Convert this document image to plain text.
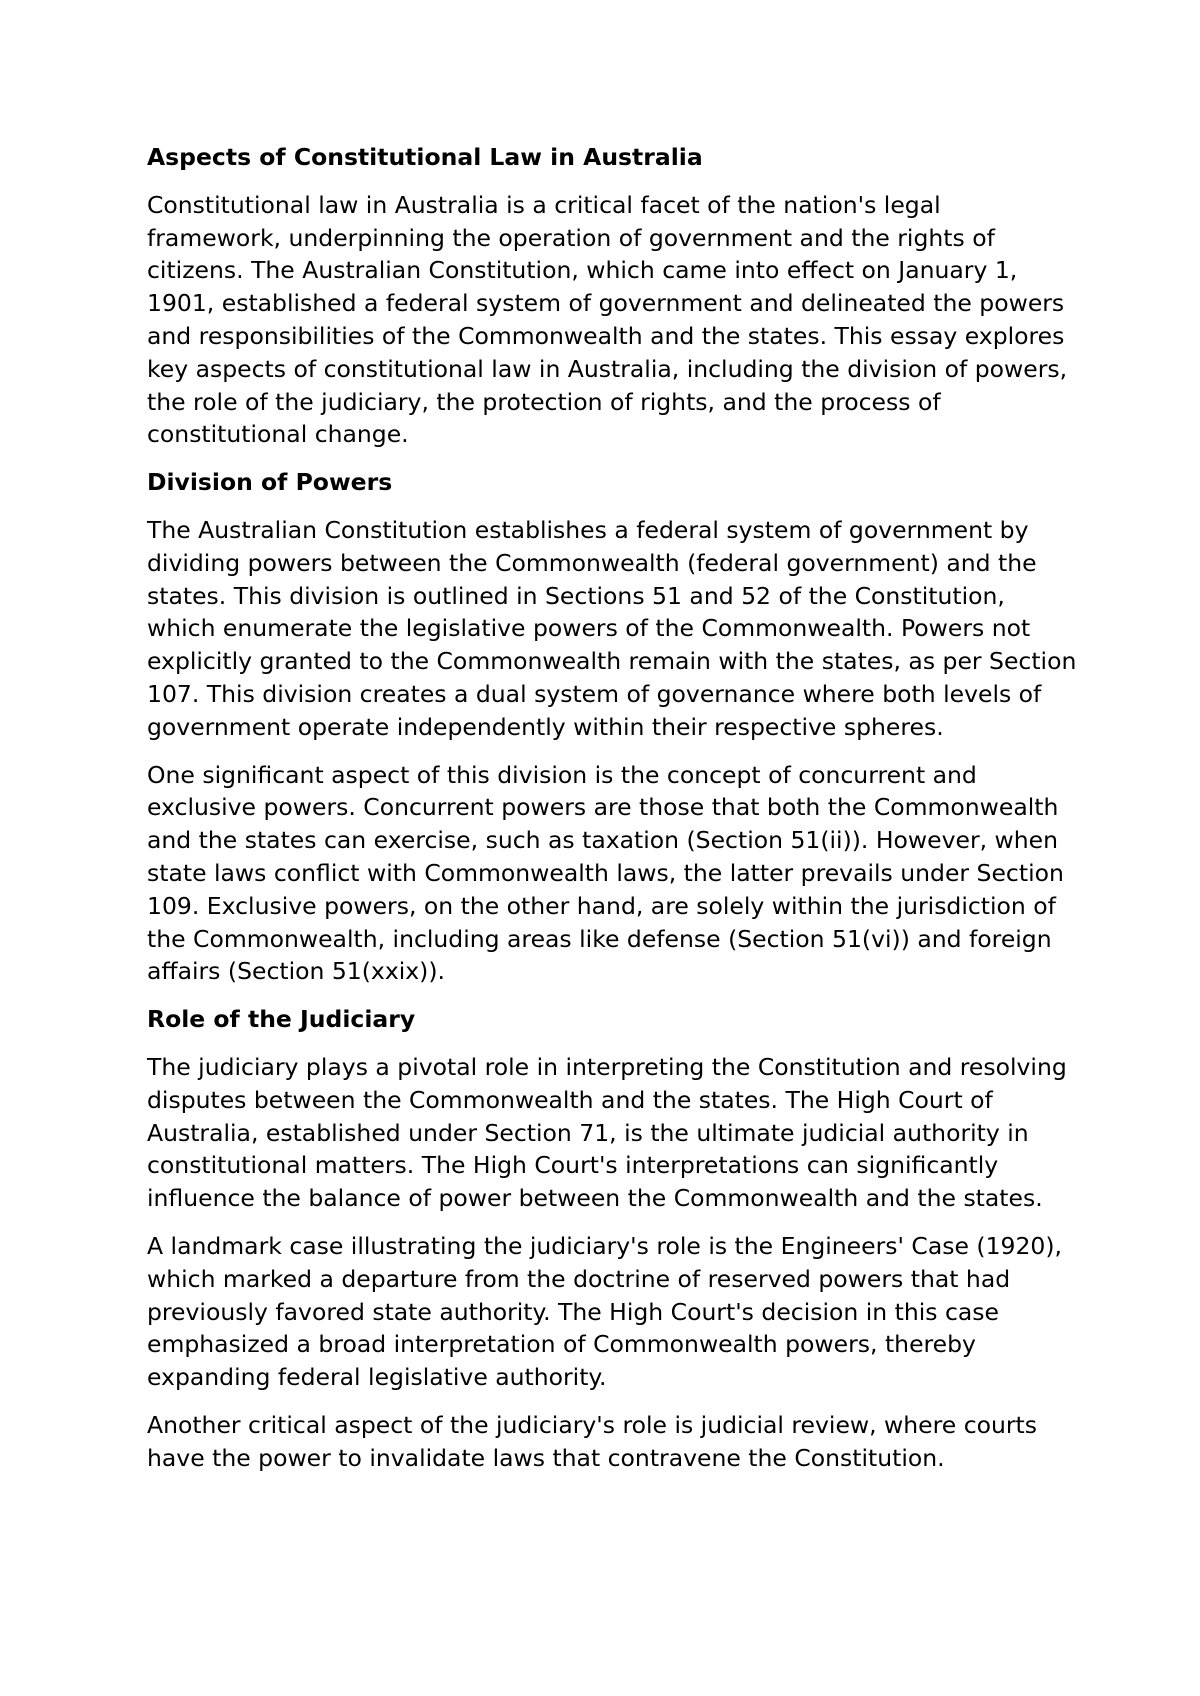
Aspects of Constitutional Law in Australia

Constitutional law in Australia is a critical facet of the nation's legal framework, underpinning the operation of government and the rights of citizens. The Australian Constitution, which came into effect on January 1, 1901, established a federal system of government and delineated the powers and responsibilities of the Commonwealth and the states. This essay explores key aspects of constitutional law in Australia, including the division of powers, the role of the judiciary, the protection of rights, and the process of constitutional change.

Division of Powers

The Australian Constitution establishes a federal system of government by dividing powers between the Commonwealth (federal government) and the states. This division is outlined in Sections 51 and 52 of the Constitution, which enumerate the legislative powers of the Commonwealth. Powers not explicitly granted to the Commonwealth remain with the states, as per Section 107. This division creates a dual system of governance where both levels of government operate independently within their respective spheres.

One significant aspect of this division is the concept of concurrent and exclusive powers. Concurrent powers are those that both the Commonwealth and the states can exercise, such as taxation (Section 51(ii)). However, when state laws conflict with Commonwealth laws, the latter prevails under Section 109. Exclusive powers, on the other hand, are solely within the jurisdiction of the Commonwealth, including areas like defense (Section 51(vi)) and foreign affairs (Section 51(xxix)).

Role of the Judiciary

The judiciary plays a pivotal role in interpreting the Constitution and resolving disputes between the Commonwealth and the states. The High Court of Australia, established under Section 71, is the ultimate judicial authority in constitutional matters. The High Court's interpretations can significantly influence the balance of power between the Commonwealth and the states.

A landmark case illustrating the judiciary's role is the Engineers' Case (1920), which marked a departure from the doctrine of reserved powers that had previously favored state authority. The High Court's decision in this case emphasized a broad interpretation of Commonwealth powers, thereby expanding federal legislative authority.

Another critical aspect of the judiciary's role is judicial review, where courts have the power to invalidate laws that contravene the Constitution.
